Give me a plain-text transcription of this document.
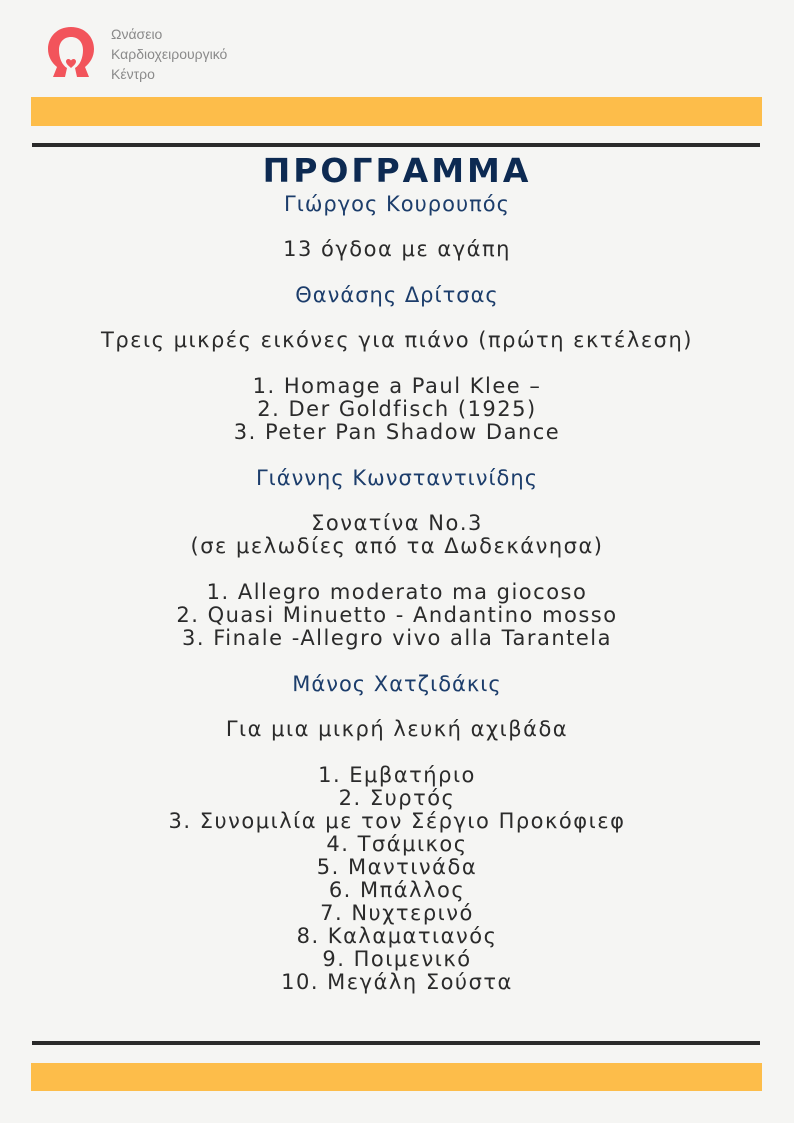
Ωνάσειο
Καρδιοχειρουργικό
Κέντρο
ΠΡΟΓΡΑΜΜΑ
Γιώργος Κουρουπός
13 όγδοα με αγάπη
Θανάσης Δρίτσας
Τρεις μικρές εικόνες για πιάνο (πρώτη εκτέλεση)
1. Homage a Paul Klee –
2. Der Goldfisch (1925)
3. Peter Pan Shadow Dance
Γιάννης Κωνσταντινίδης
Σονατίνα Νο.3
(σε μελωδίες από τα Δωδεκάνησα)
1. Allegro moderato ma giocoso
2. Quasi Minuetto - Andantino mosso
3. Finale -Allegro vivo alla Tarantela
Μάνος Χατζιδάκις
Για μια μικρή λευκή αχιβάδα
1. Εμβατήριο
2. Συρτός
3. Συνομιλία με τον Σέργιο Προκόφιεφ
4. Τσάμικος
5. Μαντινάδα
6. Μπάλλος
7. Νυχτερινό
8. Καλαματιανός
9. Ποιμενικό
10. Μεγάλη Σούστα
